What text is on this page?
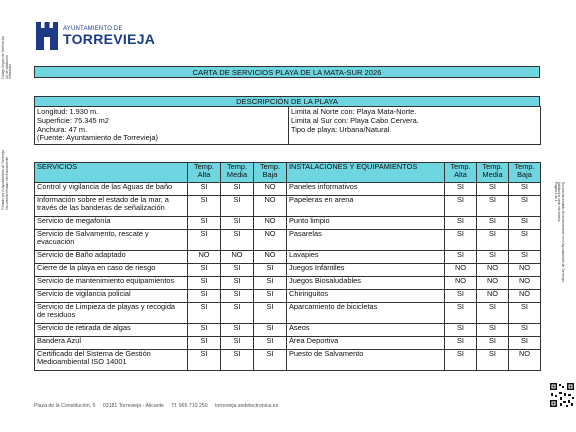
AYUNTAMIENTO DE
TORREVIEJA
Código Seguro de Verificación Url de validación Metadatos
Firmado por el Ayuntamiento de Torrevieja Documento firmado electrónicamente	Documento firmado electrónicamente en el Ayuntamiento de Torrevieja
Validación: sede electrónica
Página 1 de 1
CARTA DE SERVICIOS PLAYA DE LA MATA-SUR 2026
DESCRIPCIÓN DE LA PLAYA
Longitud: 1.930 m.
Superficie: 75.345 m2
Anchura: 47 m.
(Fuente: Ayuntamiento de Torrevieja)

Limita al Norte con: Playa Mata-Norte.
Limita al Sur con: Playa Cabo Cervera.
Tipo de playa: Urbana/Natural.
SERVICIOS	Temp. Alta	Temp. Media	Temp. Baja	INSTALACIONES Y EQUIPAMIENTOS	Temp. Alta	Temp. Media	Temp. Baja
Control y vigilancia de las Aguas de baño	SI	SI	NO	Paneles informativos	SI	SI	SI
Información sobre el estado de la mar, a través de las banderas de señalización	SI	SI	NO	Papeleras en arena	SI	SI	SI
Servicio de megafonía	SI	SI	NO	Punto limpio	SI	SI	SI
Servicio de Salvamento, rescate y evacuación	SI	SI	NO	Pasarelas	SI	SI	SI
Servicio de Baño adaptado	NO	NO	NO	Lavapies	SI	SI	SI
Cierre de la playa en caso de riesgo	SI	SI	SI	Juegos Infantiles	NO	NO	NO
Servicio de mantenimiento equipamientos	SI	SI	SI	Juegos Biosaludables	NO	NO	NO
Servicio de vigilancia policial	SI	SI	SI	Chiringuitos	SI	NO	NO
Servicio de Limpieza de playas y recogida de residuos	SI	SI	SI	Aparcamiento de bicicletas	SI	SI	SI
Servicio de retirada de algas	SI	SI	SI	Aseos	SI	SI	SI
Bandera Azul	SI	SI	SI	Área Deportiva	SI	SI	SI
Certificado del Sistema de Gestión Medioambiental ISO 14001	SI	SI	SI	Puesto de Salvamento	SI	SI	NO
Plaza de la Constitución, 5 03181 Torrevieja - Alicante Tf. 965 710 250 torrevieja.sedelectronica.es
